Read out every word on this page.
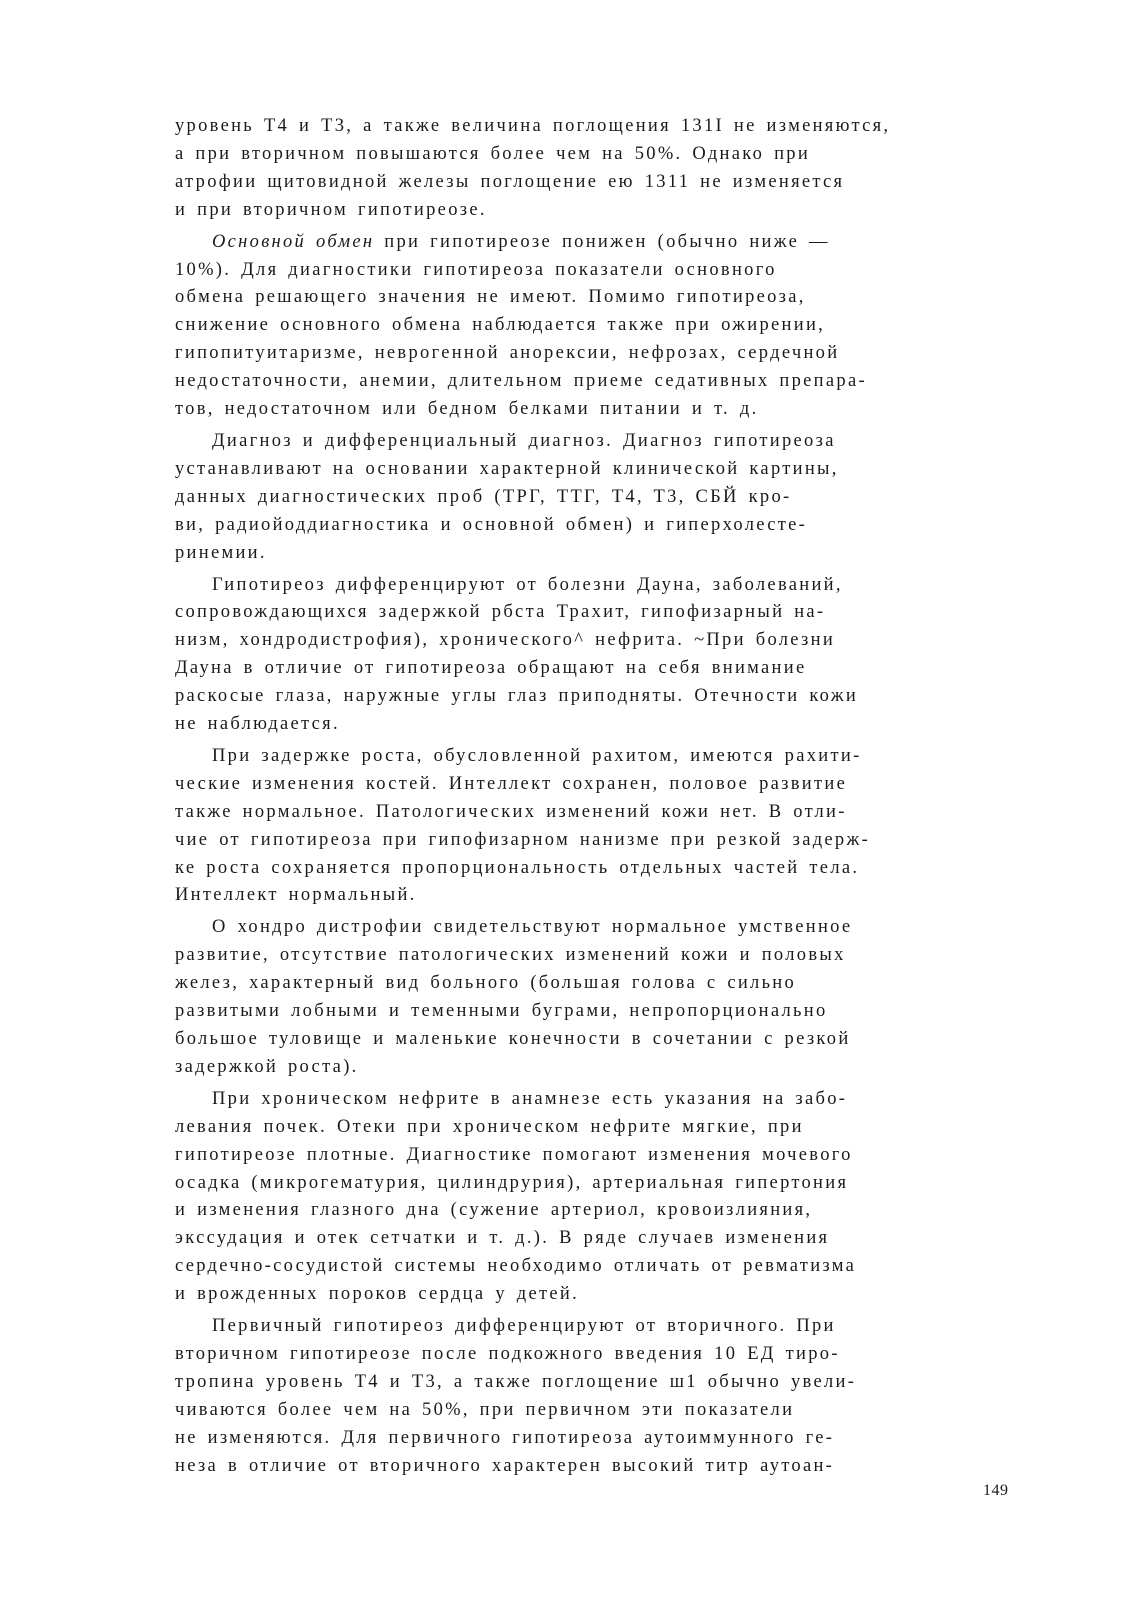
уровень T4 и T3, а также величина поглощения 131I не изменяются,
а при вторичном повышаются более чем на 50%. Однако при
атрофии щитовидной железы поглощение ею 1311 не изменяется
и при вторичном гипотиреозе.

Основной обмен при гипотиреозе понижен (обычно ниже —
10%). Для диагностики гипотиреоза показатели основного
обмена решающего значения не имеют. Помимо гипотиреоза,
снижение основного обмена наблюдается также при ожирении,
гипопитуитаризме, неврогенной анорексии, нефрозах, сердечной
недостаточности, анемии, длительном приеме седативных препара-
тов, недостаточном или бедном белками питании и т. д.

Диагноз и дифференциальный диагноз. Диагноз гипотиреоза
устанавливают на основании характерной клинической картины,
данных диагностических проб (ТРГ, ТТГ, T4, T3, СБЙ кро-
ви, радиойоддиагностика и основной обмен) и гиперхолесте-
ринемии.

Гипотиреоз дифференцируют от болезни Дауна, заболеваний,
сопровождающихся задержкой рбста Трахит, гипофизарный на-
низм, хондродистрофия), хронического^ нефрита. ~При болезни
Дауна в отличие от гипотиреоза обращают на себя внимание
раскосые глаза, наружные углы глаз приподняты. Отечности кожи
не наблюдается.

При задержке роста, обусловленной рахитом, имеются рахити-
ческие изменения костей. Интеллект сохранен, половое развитие
также нормальное. Патологических изменений кожи нет. В отли-
чие от гипотиреоза при гипофизарном нанизме при резкой задерж-
ке роста сохраняется пропорциональность отдельных частей тела.
Интеллект нормальный.

О хондро дистрофии свидетельствуют нормальное умственное
развитие, отсутствие патологических изменений кожи и половых
желез, характерный вид больного (большая голова с сильно
развитыми лобными и теменными буграми, непропорционально
большое туловище и маленькие конечности в сочетании с резкой
задержкой роста).

При хроническом нефрите в анамнезе есть указания на забо-
левания почек. Отеки при хроническом нефрите мягкие, при
гипотиреозе плотные. Диагностике помогают изменения мочевого
осадка (микрогематурия, цилиндрурия), артериальная гипертония
и изменения глазного дна (сужение артериол, кровоизлияния,
экссудация и отек сетчатки и т. д.). В ряде случаев изменения
сердечно-сосудистой системы необходимо отличать от ревматизма
и врожденных пороков сердца у детей.

Первичный гипотиреоз дифференцируют от вторичного. При
вторичном гипотиреозе после подкожного введения 10 ЕД тиро-
тропина уровень T4 и T3, а также поглощение ш1 обычно увели-
чиваются более чем на 50%, при первичном эти показатели
не изменяются. Для первичного гипотиреоза аутоиммунного ге-
неза в отличие от вторичного характерен высокий титр аутоан-

149
